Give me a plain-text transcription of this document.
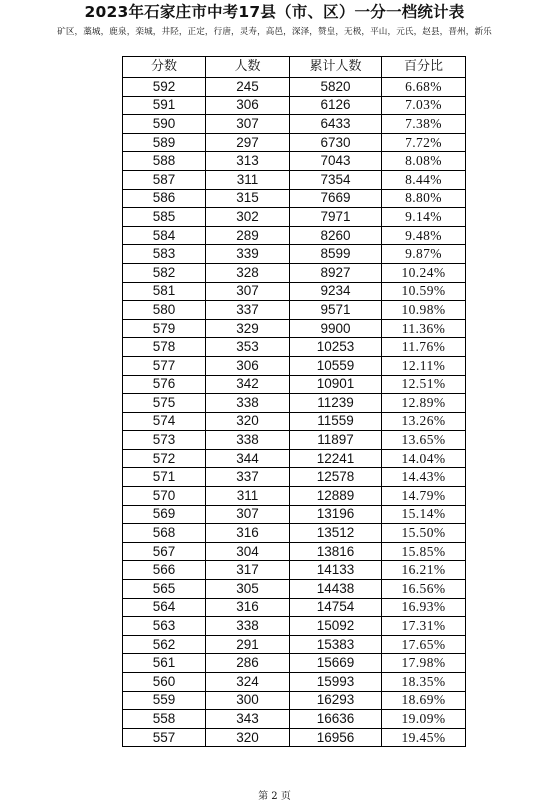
2023年石家庄市中考17县（市、区）一分一档统计表
矿区，藁城，鹿泉，栾城，井陉，正定，行唐，灵寿，高邑，深泽，赞皇，无极，平山，元氏，赵县，晋州，新乐
分数	人数	累计人数	百分比
592	245	5820	6.68%
591	306	6126	7.03%
590	307	6433	7.38%
589	297	6730	7.72%
588	313	7043	8.08%
587	311	7354	8.44%
586	315	7669	8.80%
585	302	7971	9.14%
584	289	8260	9.48%
583	339	8599	9.87%
582	328	8927	10.24%
581	307	9234	10.59%
580	337	9571	10.98%
579	329	9900	11.36%
578	353	10253	11.76%
577	306	10559	12.11%
576	342	10901	12.51%
575	338	11239	12.89%
574	320	11559	13.26%
573	338	11897	13.65%
572	344	12241	14.04%
571	337	12578	14.43%
570	311	12889	14.79%
569	307	13196	15.14%
568	316	13512	15.50%
567	304	13816	15.85%
566	317	14133	16.21%
565	305	14438	16.56%
564	316	14754	16.93%
563	338	15092	17.31%
562	291	15383	17.65%
561	286	15669	17.98%
560	324	15993	18.35%
559	300	16293	18.69%
558	343	16636	19.09%
557	320	16956	19.45%
第 2 页
